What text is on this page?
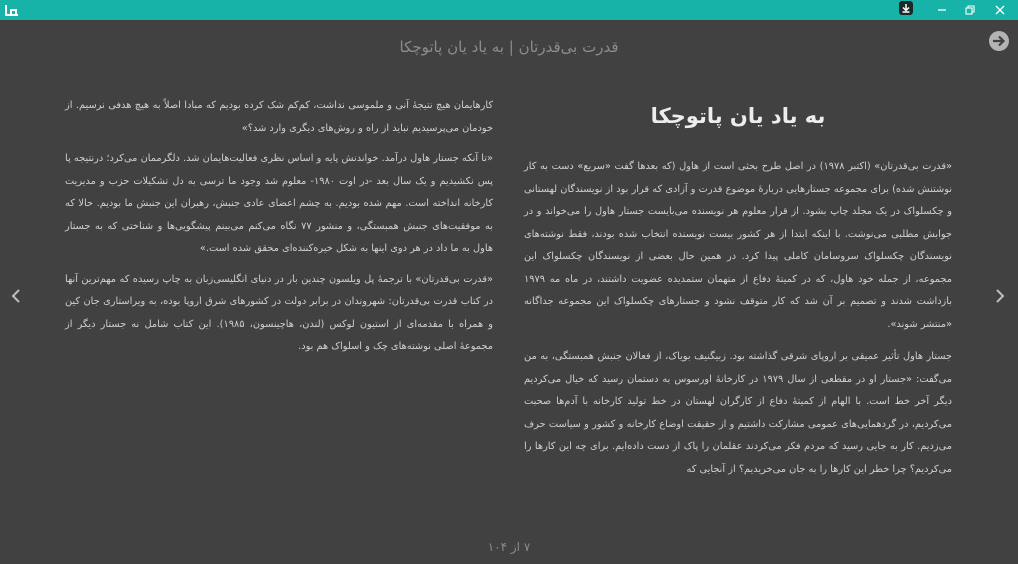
قدرت بی‌قدرتان | به یاد یان پاتوچکا
به یاد یان پاتوچکا

«قدرت بی‌قدرتان» (اکتبر ۱۹۷۸) در اصل طرح بحثی است از هاول (که بعدها گفت «سریع» دست به کار نوشتنش شده) برای مجموعه جستارهایی دربارهٔ موضوع قدرت و آزادی که قرار بود از نویسندگان لهستانی و چکسلواک در یک مجلد چاپ بشود. از قرار معلوم هر نویسنده می‌بایست جستار هاول را می‌خواند و در جوابش مطلبی می‌نوشت. با اینکه ابتدا از هر کشور بیست نویسنده انتخاب شده بودند، فقط نوشته‌های نویسندگان چکسلواک سروسامان کاملی پیدا کرد. در همین حال بعضی از نویسندگان چکسلواک این مجموعه، از جمله خود هاول، که در کمیتهٔ دفاع از متهمان ستمدیده عضویت داشتند، در ماه مه ۱۹۷۹ بازداشت شدند و تصمیم بر آن شد که کار متوقف نشود و جستارهای چکسلواک این مجموعه جداگانه «منتشر شوند».

جستار هاول تأثیر عمیقی بر اروپای شرقی گذاشته بود. زبیگنیف بویاک، از فعالان جنبش همبستگی، به من می‌گفت: «جستار او در مقطعی از سال ۱۹۷۹ در کارخانهٔ اورسوس به دستمان رسید که خیال می‌کردیم دیگر آخر خط است. با الهام از کمیتهٔ دفاع از کارگران لهستان در خط تولید کارخانه با آدم‌ها صحبت می‌کردیم، در گردهمایی‌های عمومی مشارکت داشتیم و از حقیقت اوضاع کارخانه و کشور و سیاست حرف می‌زدیم. کار به جایی رسید که مردم فکر می‌کردند عقلمان را پاک از دست داده‌ایم. برای چه این کارها را می‌کردیم؟ چرا خطر این کارها را به جان می‌خریدیم؟ از آنجایی که

کارهایمان هیچ نتیجهٔ آنی و ملموسی نداشت، کم‌کم شک کرده بودیم که مبادا اصلاً به هیچ هدفی نرسیم. از خودمان می‌پرسیدیم نباید از راه و روش‌های دیگری وارد شد؟»

«تا آنکه جستار هاول درآمد. خواندنش پایه و اساس نظری فعالیت‌هایمان شد. دلگرممان می‌کرد؛ درنتیجه پا پس نکشیدیم و یک سال بعد -در اوت ۱۹۸۰- معلوم شد وجود ما ترسی به دل تشکیلات حزب و مدیریت کارخانه انداخته است. مهم شده بودیم. به چشم اعضای عادی جنبش، رهبران این جنبش ما بودیم. حالا که به موفقیت‌های جنبش همبستگی، و منشور ۷۷ نگاه می‌کنم می‌بینم پیشگویی‌ها و شناختی که به جستار هاول به ما داد در هر دوی اینها به شکل خیره‌کننده‌ای محقق شده است.»

«قدرت بی‌قدرتان» با ترجمهٔ پل ویلسون چندین بار در دنیای انگلیسی‌زبان به چاپ رسیده که مهم‌ترین آنها در کتاب قدرت بی‌قدرتان: شهروندان در برابر دولت در کشورهای شرق اروپا بوده، به ویراستاری جان کین و همراه با مقدمه‌ای از استیون لوکس (لندن، هاچینسون، ۱۹۸۵). این کتاب شامل نه جستار دیگر از مجموعهٔ اصلی نوشته‌های چک و اسلواک هم بود.

۷ از ۱۰۴
